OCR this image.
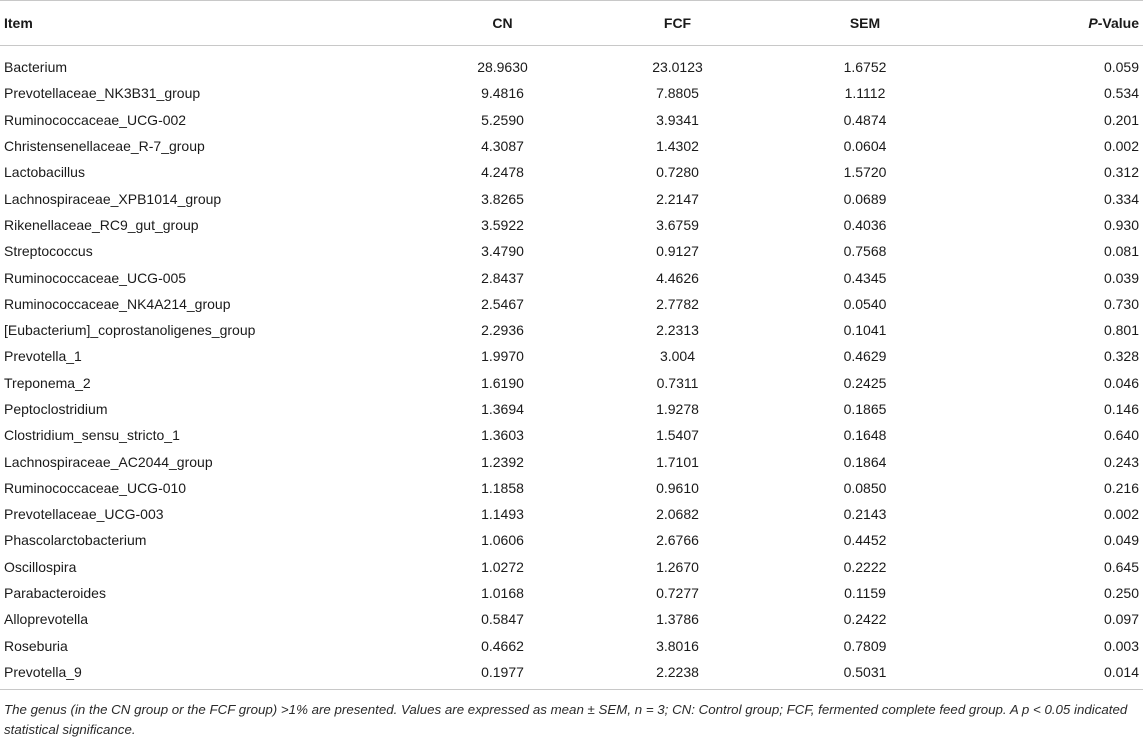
Item	CN	FCF	SEM	P-Value

Bacterium	28.9630	23.0123	1.6752	0.059
Prevotellaceae_NK3B31_group	9.4816	7.8805	1.1112	0.534
Ruminococcaceae_UCG-002	5.2590	3.9341	0.4874	0.201
Christensenellaceae_R-7_group	4.3087	1.4302	0.0604	0.002
Lactobacillus	4.2478	0.7280	1.5720	0.312
Lachnospiraceae_XPB1014_group	3.8265	2.2147	0.0689	0.334
Rikenellaceae_RC9_gut_group	3.5922	3.6759	0.4036	0.930
Streptococcus	3.4790	0.9127	0.7568	0.081
Ruminococcaceae_UCG-005	2.8437	4.4626	0.4345	0.039
Ruminococcaceae_NK4A214_group	2.5467	2.7782	0.0540	0.730
[Eubacterium]_coprostanoligenes_group	2.2936	2.2313	0.1041	0.801
Prevotella_1	1.9970	3.004	0.4629	0.328
Treponema_2	1.6190	0.7311	0.2425	0.046
Peptoclostridium	1.3694	1.9278	0.1865	0.146
Clostridium_sensu_stricto_1	1.3603	1.5407	0.1648	0.640
Lachnospiraceae_AC2044_group	1.2392	1.7101	0.1864	0.243
Ruminococcaceae_UCG-010	1.1858	0.9610	0.0850	0.216
Prevotellaceae_UCG-003	1.1493	2.0682	0.2143	0.002
Phascolarctobacterium	1.0606	2.6766	0.4452	0.049
Oscillospira	1.0272	1.2670	0.2222	0.645
Parabacteroides	1.0168	0.7277	0.1159	0.250
Alloprevotella	0.5847	1.3786	0.2422	0.097
Roseburia	0.4662	3.8016	0.7809	0.003
Prevotella_9	0.1977	2.2238	0.5031	0.014
The genus (in the CN group or the FCF group) >1% are presented. Values are expressed as mean ± SEM, n = 3; CN: Control group; FCF, fermented complete feed group. A p < 0.05 indicated statistical significance.
